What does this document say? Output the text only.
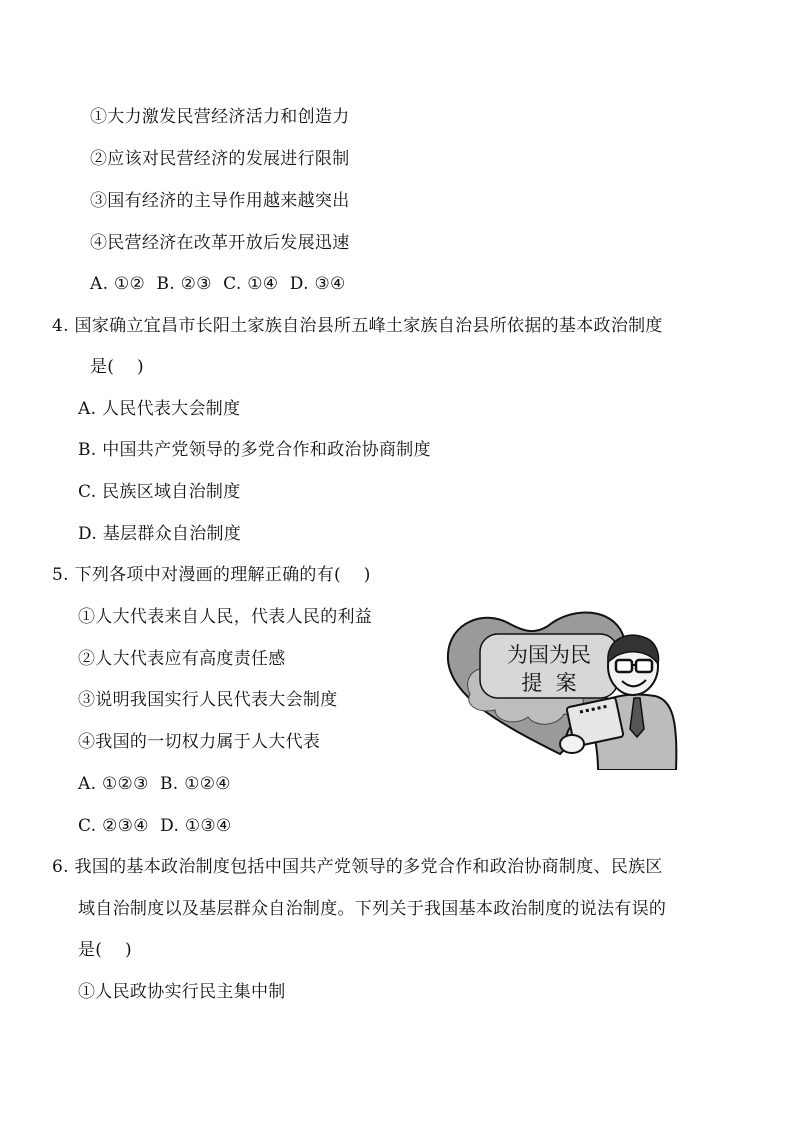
①大力激发民营经济活力和创造力
②应该对民营经济的发展进行限制
③国有经济的主导作用越来越突出
④民营经济在改革开放后发展迅速
A. ①②  B. ②③  C. ①④  D. ③④
4. 国家确立宜昌市长阳土家族自治县所五峰土家族自治县所依据的基本政治制度
是(    )
A. 人民代表大会制度
B. 中国共产党领导的多党合作和政治协商制度
C. 民族区域自治制度
D. 基层群众自治制度
5. 下列各项中对漫画的理解正确的有(    )
①人大代表来自人民，代表人民的利益
②人大代表应有高度责任感
③说明我国实行人民代表大会制度
④我国的一切权力属于人大代表
A. ①②③  B. ①②④
C. ②③④  D. ①③④
为国为民
提  案
6. 我国的基本政治制度包括中国共产党领导的多党合作和政治协商制度、民族区
域自治制度以及基层群众自治制度。下列关于我国基本政治制度的说法有误的
是(    )
①人民政协实行民主集中制
